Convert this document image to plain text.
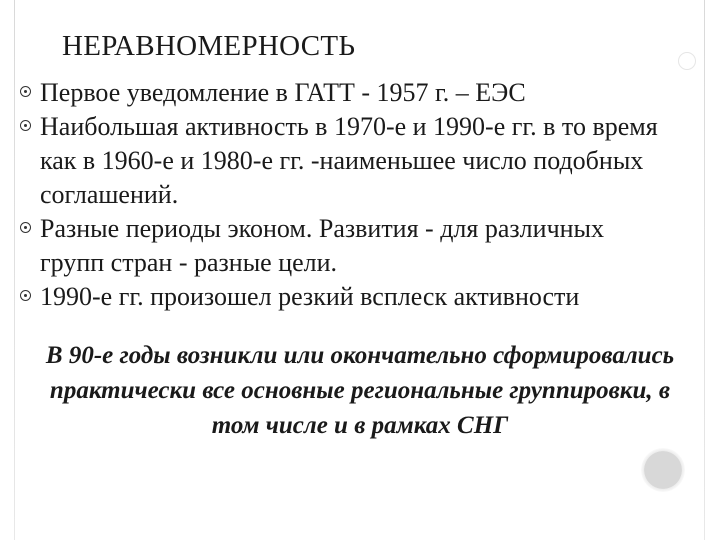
НЕРАВНОМЕРНОСТЬ
Первое уведомление в ГАТТ - 1957 г. – ЕЭС
Наибольшая активность в 1970-е и 1990-е гг. в то время как в 1960-е и 1980-е гг. -наименьшее число подобных соглашений.
Разные периоды эконом. Развития - для различных групп стран - разные цели.
1990-е гг. произошел резкий всплеск активности
В 90-е годы возникли или окончательно сформировались практически все основные региональные группировки, в том числе и в рамках СНГ
